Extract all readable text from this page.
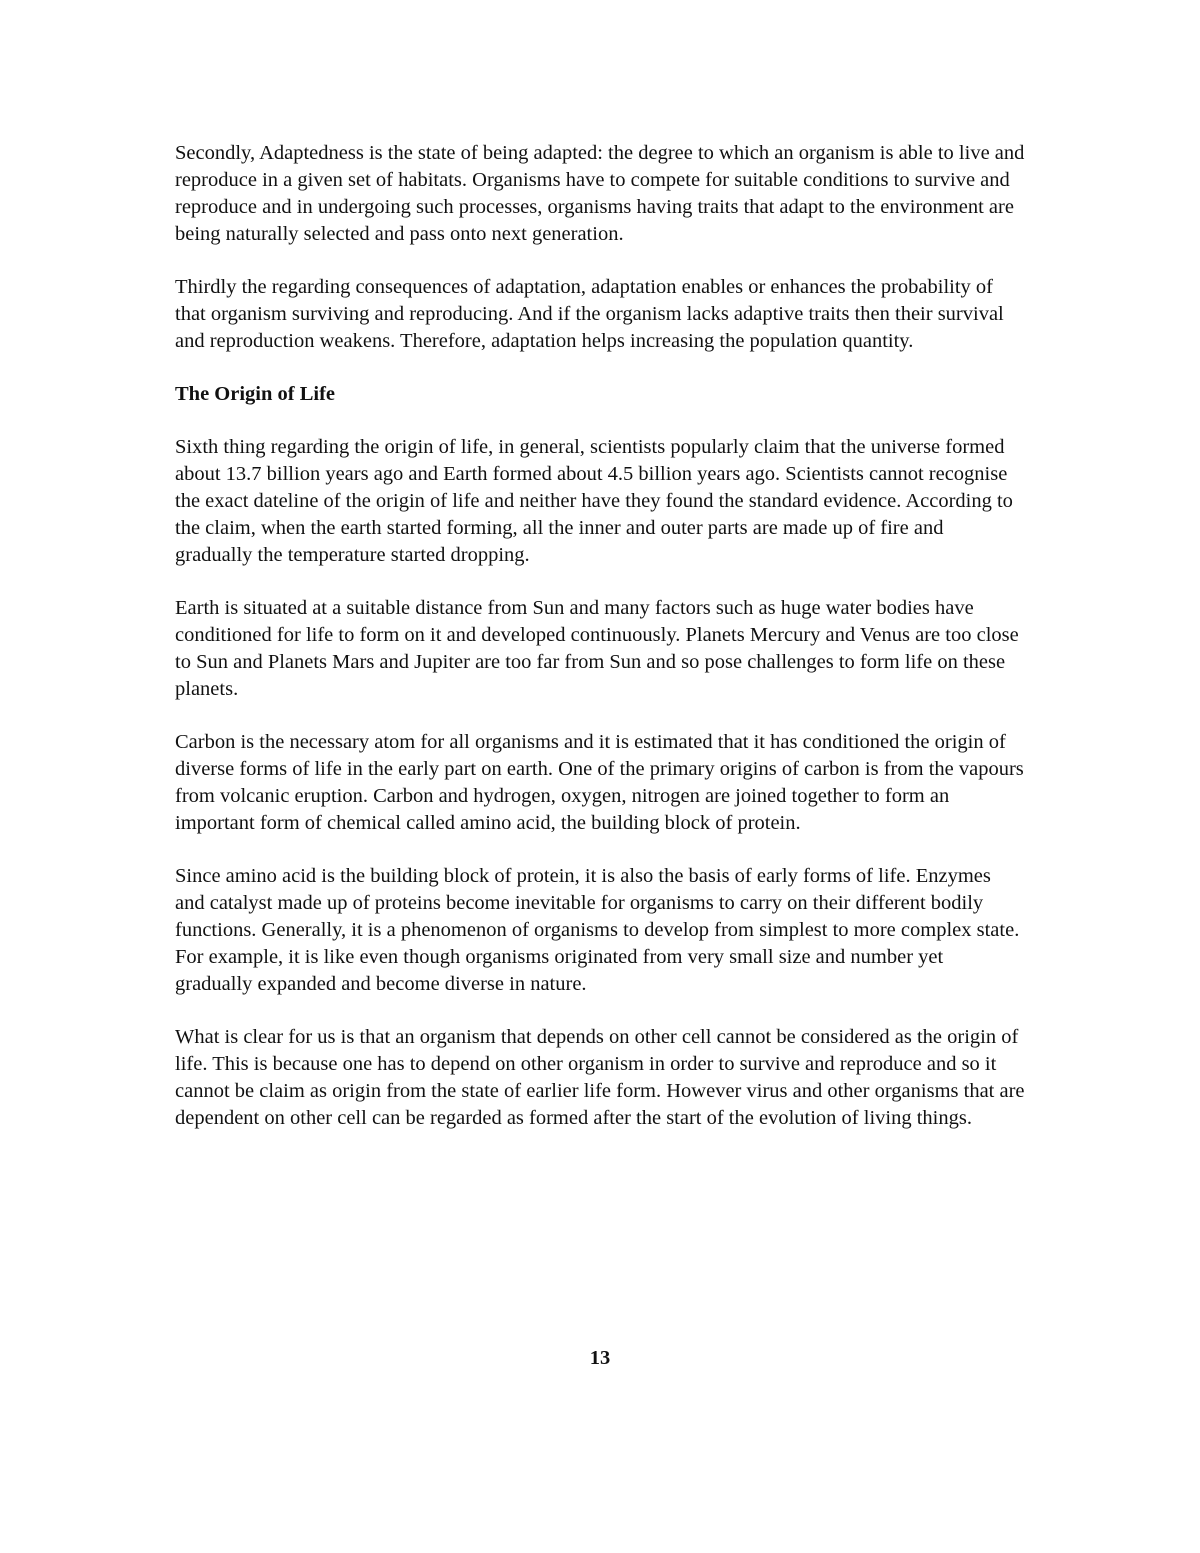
Secondly, Adaptedness is the state of being adapted: the degree to which an organism is able to live and reproduce in a given set of habitats. Organisms have to compete for suitable conditions to survive and reproduce and in undergoing such processes, organisms having traits that adapt to the environment are being naturally selected and pass onto next generation.

Thirdly the regarding consequences of adaptation, adaptation enables or enhances the probability of that organism surviving and reproducing. And if the organism lacks adaptive traits then their survival and reproduction weakens. Therefore, adaptation helps increasing the population quantity.

The Origin of Life

Sixth thing regarding the origin of life, in general, scientists popularly claim that the universe formed about 13.7 billion years ago and Earth formed about 4.5 billion years ago. Scientists cannot recognise the exact dateline of the origin of life and neither have they found the standard evidence. According to the claim, when the earth started forming, all the inner and outer parts are made up of fire and gradually the temperature started dropping.

Earth is situated at a suitable distance from Sun and many factors such as huge water bodies have conditioned for life to form on it and developed continuously. Planets Mercury and Venus are too close to Sun and Planets Mars and Jupiter are too far from Sun and so pose challenges to form life on these planets.

Carbon is the necessary atom for all organisms and it is estimated that it has conditioned the origin of diverse forms of life in the early part on earth. One of the primary origins of carbon is from the vapours from volcanic eruption. Carbon and hydrogen, oxygen, nitrogen are joined together to form an important form of chemical called amino acid, the building block of protein.

Since amino acid is the building block of protein, it is also the basis of early forms of life. Enzymes and catalyst made up of proteins become inevitable for organisms to carry on their different bodily functions. Generally, it is a phenomenon of organisms to develop from simplest to more complex state. For example, it is like even though organisms originated from very small size and number yet gradually expanded and become diverse in nature.

What is clear for us is that an organism that depends on other cell cannot be considered as the origin of life. This is because one has to depend on other organism in order to survive and reproduce and so it cannot be claim as origin from the state of earlier life form. However virus and other organisms that are dependent on other cell can be regarded as formed after the start of the evolution of living things.

13
